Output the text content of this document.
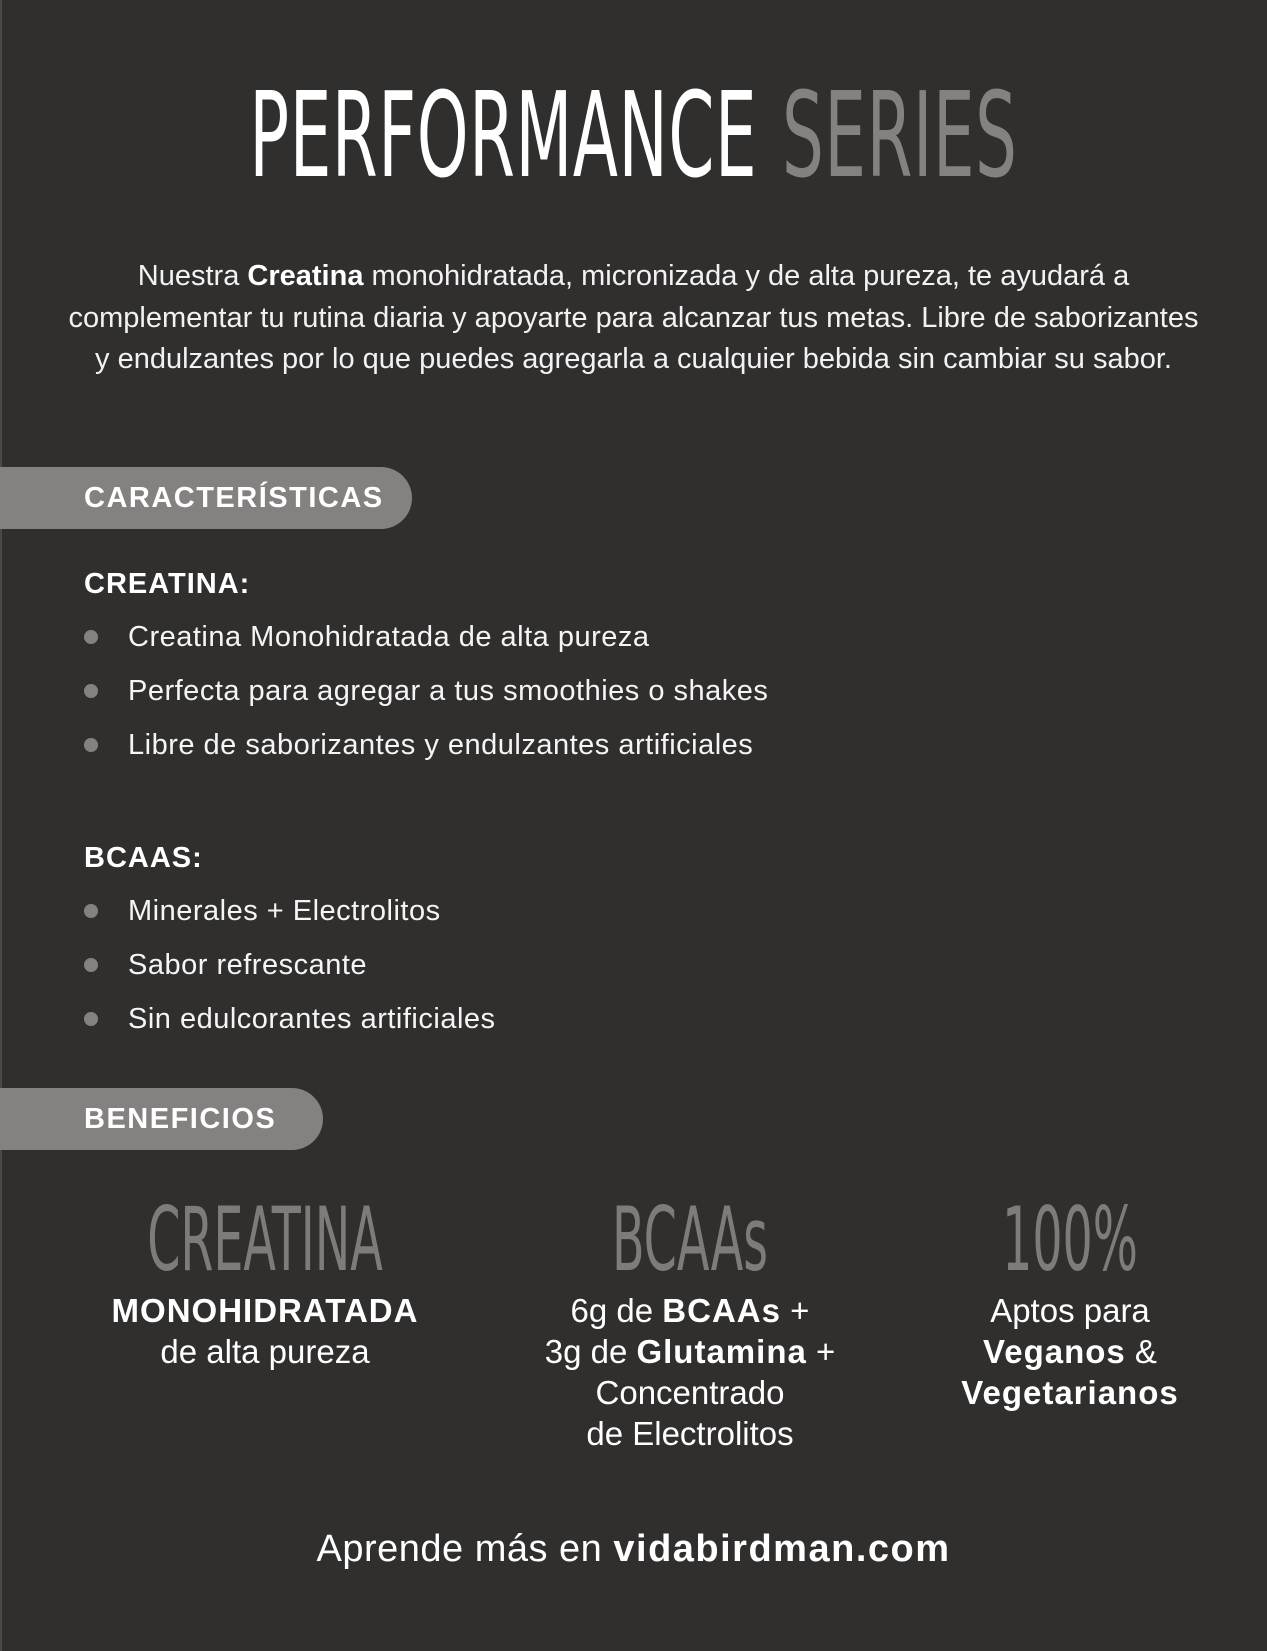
PERFORMANCE SERIES
Nuestra Creatina monohidratada, micronizada y de alta pureza, te ayudará a complementar tu rutina diaria y apoyarte para alcanzar tus metas. Libre de saborizantes y endulzantes por lo que puedes agregarla a cualquier bebida sin cambiar su sabor.
CARACTERÍSTICAS
CREATINA:
Creatina Monohidratada de alta pureza
Perfecta para agregar a tus smoothies o shakes
Libre de saborizantes y endulzantes artificiales
BCAAS:
Minerales + Electrolitos
Sabor refrescante
Sin edulcorantes artificiales
BENEFICIOS
CREATINA
MONOHIDRATADA
de alta pureza
BCAAs
6g de BCAAs +
3g de Glutamina +
Concentrado
de Electrolitos
100%
Aptos para
Veganos &
Vegetarianos
Aprende más en vidabirdman.com
